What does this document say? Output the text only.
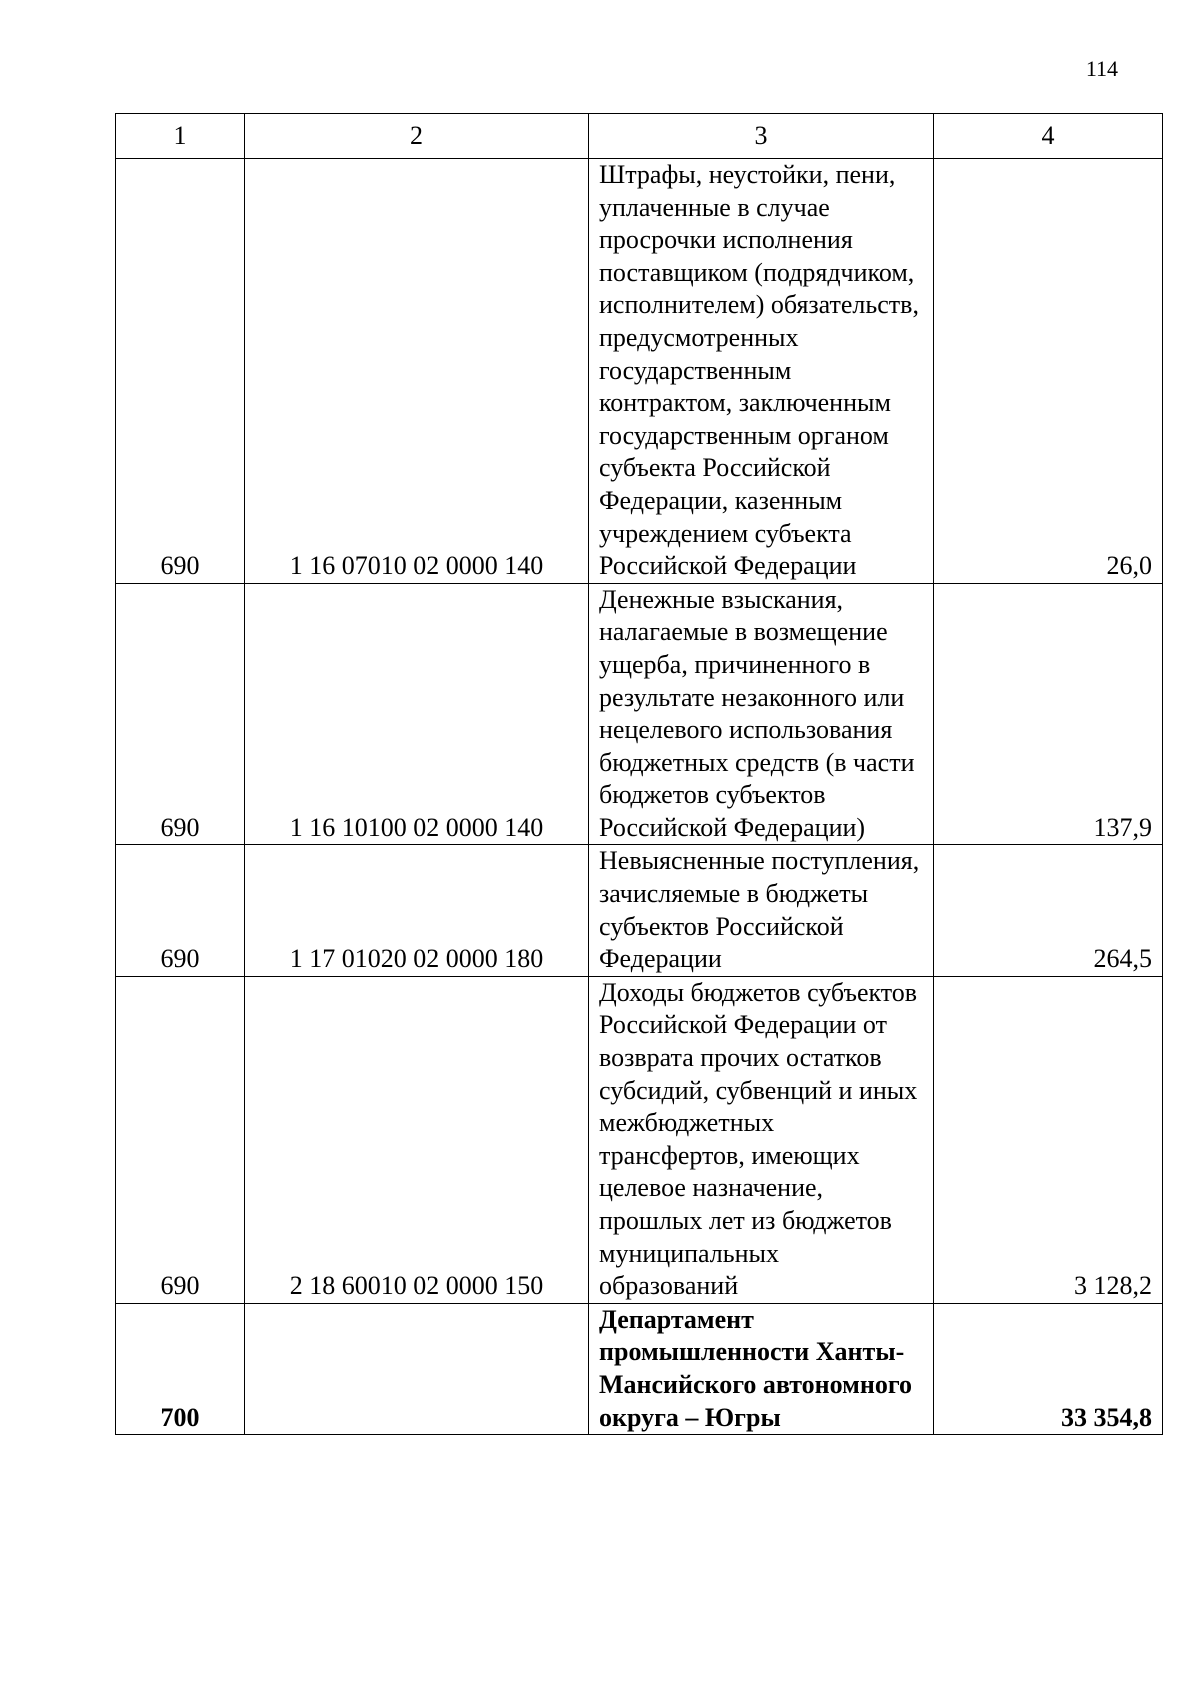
114
1	2	3	4
690	1 16 07010 02 0000 140	Штрафы, неустойки, пени, уплаченные в случае просрочки исполнения поставщиком (подрядчиком, исполнителем) обязательств, предусмотренных государственным контрактом, заключенным государственным органом субъекта Российской Федерации, казенным учреждением субъекта Российской Федерации	26,0
690	1 16 10100 02 0000 140	Денежные взыскания, налагаемые в возмещение ущерба, причиненного в результате незаконного или нецелевого использования бюджетных средств (в части бюджетов субъектов Российской Федерации)	137,9
690	1 17 01020 02 0000 180	Невыясненные поступления, зачисляемые в бюджеты субъектов Российской Федерации	264,5
690	2 18 60010 02 0000 150	Доходы бюджетов субъектов Российской Федерации от возврата прочих остатков субсидий, субвенций и иных межбюджетных трансфертов, имеющих целевое назначение, прошлых лет из бюджетов муниципальных образований	3 128,2
700		Департамент промышленности Ханты-Мансийского автономного округа – Югры	33 354,8
